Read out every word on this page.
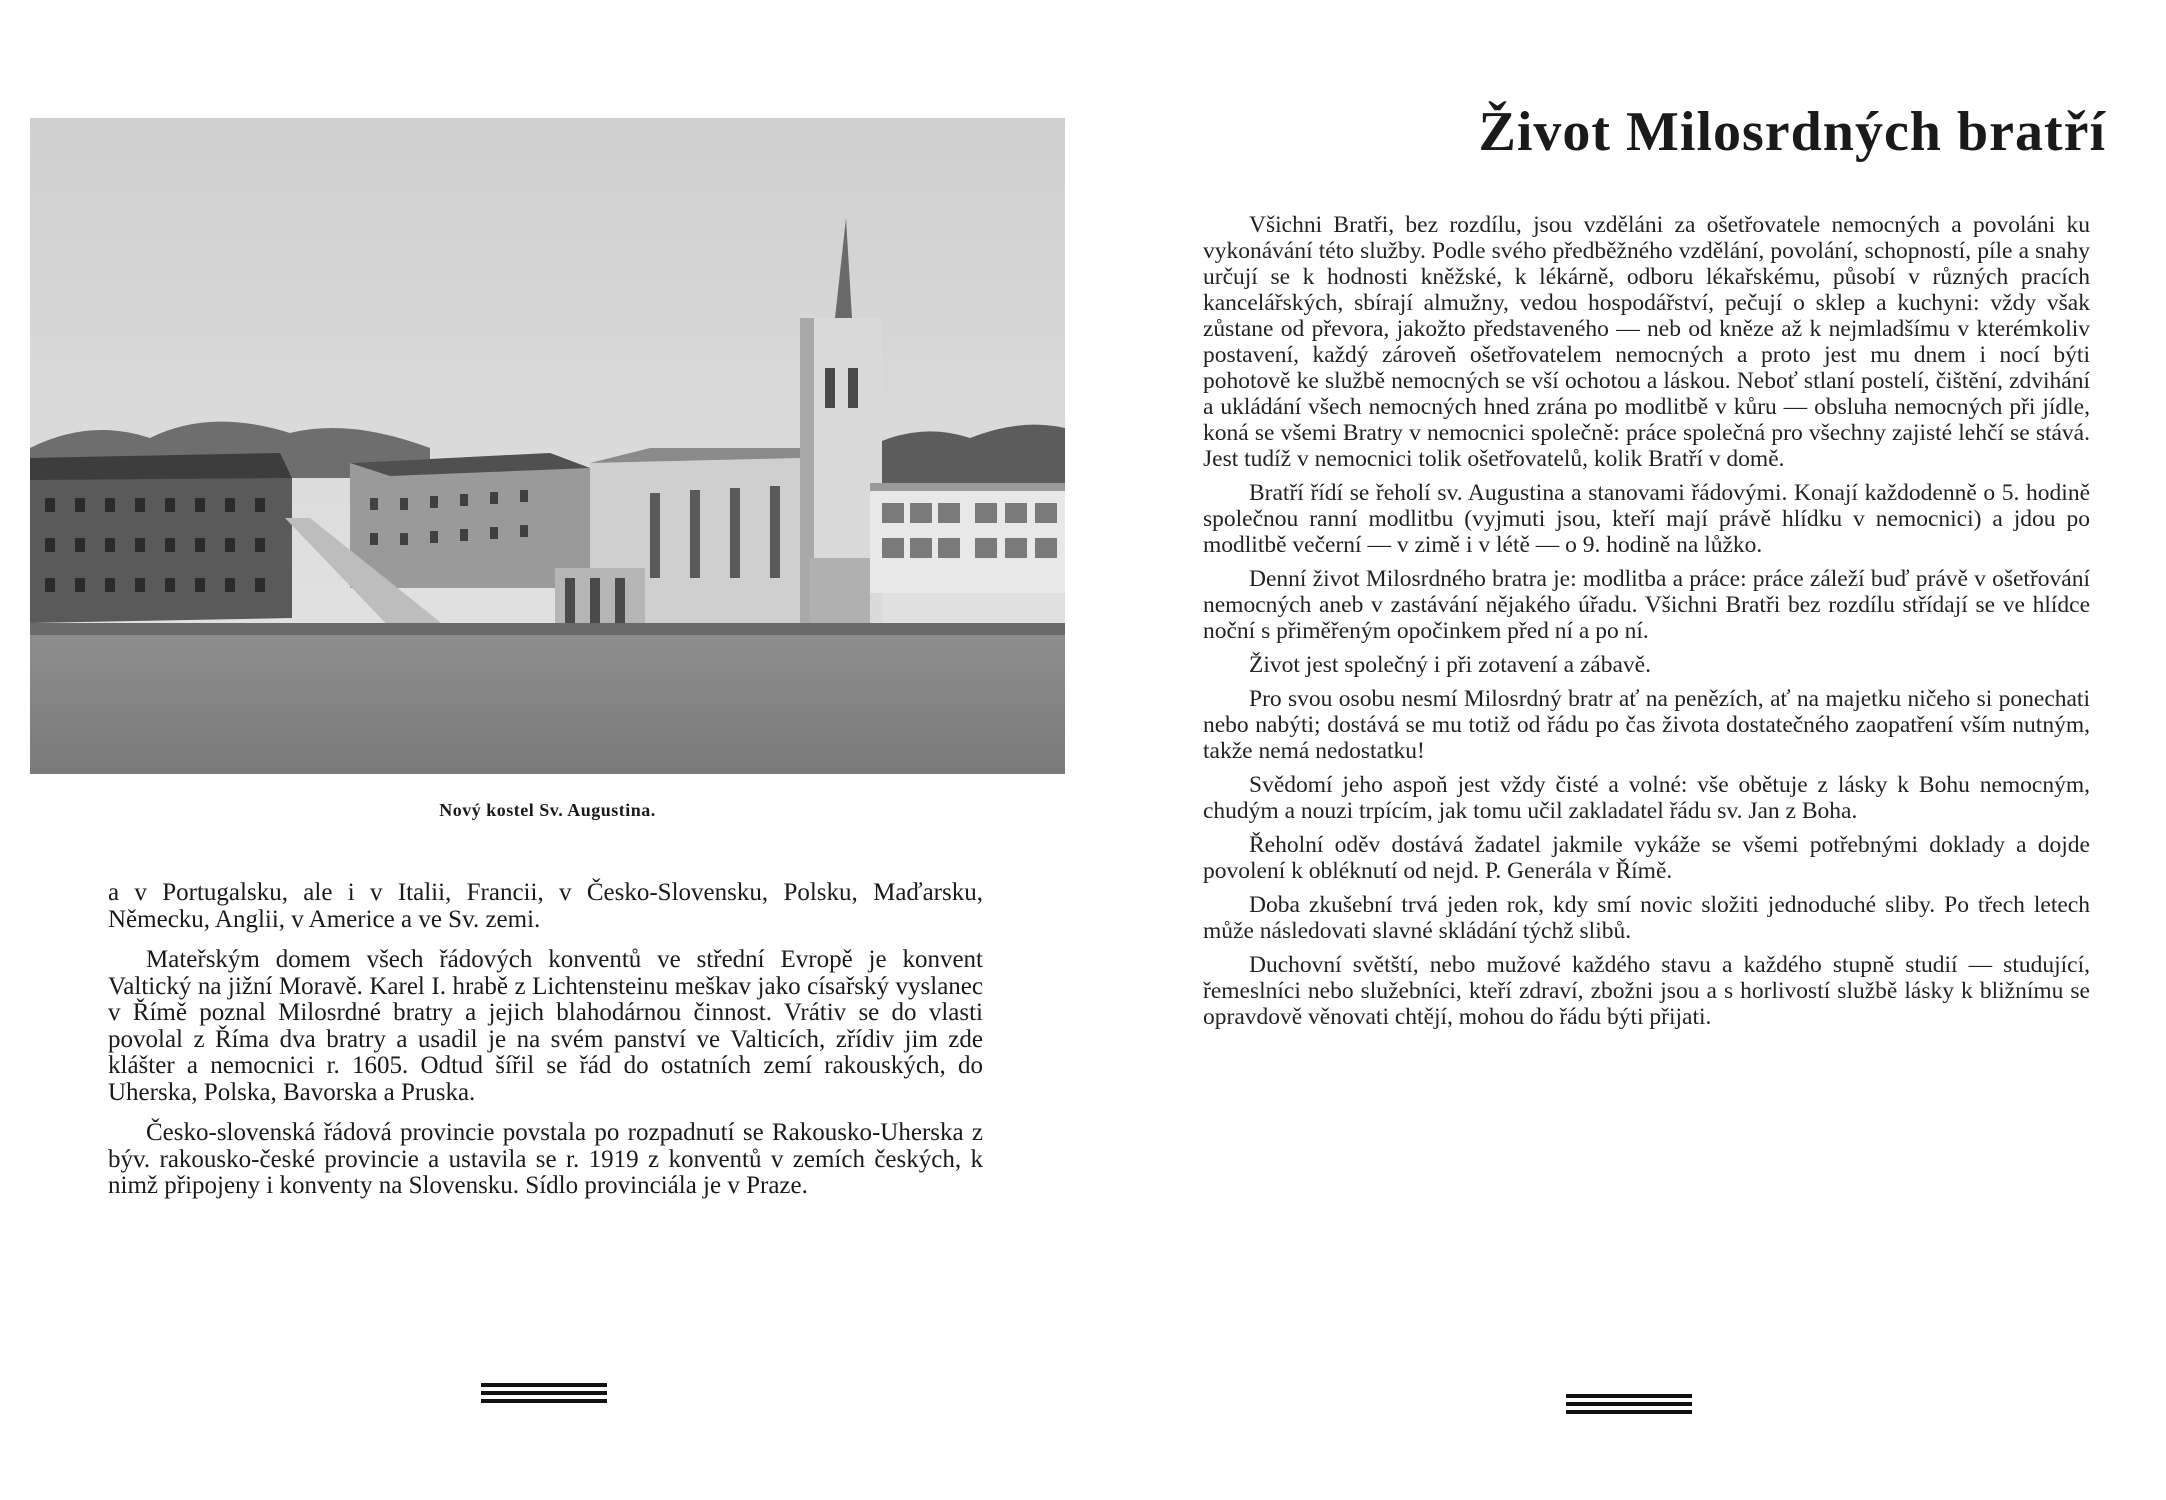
Nový kostel Sv. Augustina.

a v Portugalsku, ale i v Italii, Francii, v Česko-Slovensku, Polsku, Maďarsku, Německu, Anglii, v Americe a ve Sv. zemi.

Mateřským domem všech řádových konventů ve střední Evropě je konvent Valtický na jižní Moravě. Karel I. hrabě z Lichtensteinu meškav jako císařský vyslanec v Římě poznal Milosrdné bratry a jejich blahodárnou činnost. Vrátiv se do vlasti povolal z Říma dva bratry a usadil je na svém panství ve Valticích, zřídiv jim zde klášter a nemocnici r. 1605. Odtud šířil se řád do ostatních zemí rakouských, do Uherska, Polska, Bavorska a Pruska.

Česko-slovenská řádová provincie povstala po rozpadnutí se Rakousko-Uherska z býv. rakousko-české provincie a ustavila se r. 1919 z konventů v zemích českých, k nimž připojeny i konventy na Slovensku. Sídlo provinciála je v Praze.

Život Milosrdných bratří

Všichni Bratři, bez rozdílu, jsou vzděláni za ošetřovatele nemocných a povoláni ku vykonávání této služby. Podle svého předběžného vzdělání, povolání, schopností, píle a snahy určují se k hodnosti kněžské, k lékárně, odboru lékařskému, působí v různých pracích kancelářských, sbírají almužny, vedou hospodářství, pečují o sklep a kuchyni: vždy však zůstane od převora, jakožto představeného — neb od kněze až k nejmladšímu v kterémkoliv postavení, každý zároveň ošetřovatelem nemocných a proto jest mu dnem i nocí býti pohotově ke službě nemocných se vší ochotou a láskou. Neboť stlaní postelí, čištění, zdvihání a ukládání všech nemocných hned zrána po modlitbě v kůru — obsluha nemocných při jídle, koná se všemi Bratry v nemocnici společně: práce společná pro všechny zajisté lehčí se stává. Jest tudíž v nemocnici tolik ošetřovatelů, kolik Bratří v domě.

Bratří řídí se řeholí sv. Augustina a stanovami řádovými. Konají každodenně o 5. hodině společnou ranní modlitbu (vyjmuti jsou, kteří mají právě hlídku v nemocnici) a jdou po modlitbě večerní — v zimě i v létě — o 9. hodině na lůžko.

Denní život Milosrdného bratra je: modlitba a práce: práce záleží buď právě v ošetřování nemocných aneb v zastávání nějakého úřadu. Všichni Bratři bez rozdílu střídají se ve hlídce noční s přiměřeným opočinkem před ní a po ní.

Život jest společný i při zotavení a zábavě.

Pro svou osobu nesmí Milosrdný bratr ať na penězích, ať na majetku ničeho si ponechati nebo nabýti; dostává se mu totiž od řádu po čas života dostatečného zaopatření vším nutným, takže nemá nedostatku!

Svědomí jeho aspoň jest vždy čisté a volné: vše obětuje z lásky k Bohu nemocným, chudým a nouzi trpícím, jak tomu učil zakladatel řádu sv. Jan z Boha.

Řeholní oděv dostává žadatel jakmile vykáže se všemi potřebnými doklady a dojde povolení k obléknutí od nejd. P. Generála v Římě.

Doba zkušební trvá jeden rok, kdy smí novic složiti jednoduché sliby. Po třech letech může následovati slavné skládání týchž slibů.

Duchovní světští, nebo mužové každého stavu a každého stupně studií — studující, řemeslníci nebo služebníci, kteří zdraví, zbožni jsou a s horlivostí službě lásky k bližnímu se opravdově věnovati chtějí, mohou do řádu býti přijati.
